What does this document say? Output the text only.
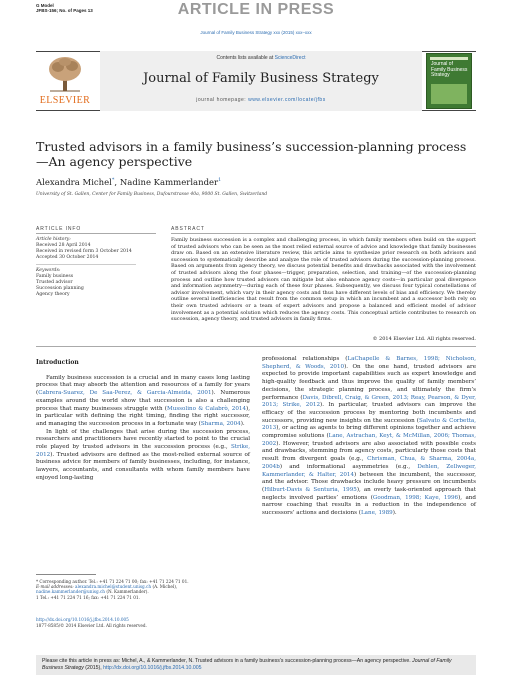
G Model
JFBS-156; No. of Pages 13	ARTICLE IN PRESS
Journal of Family Business Strategy xxx (2015) xxx–xxx
ELSEVIER
Contents lists available at ScienceDirect
Journal of Family Business Strategy
journal homepage: www.elsevier.com/locate/jfbs
Journal of Family Business Strategy
Trusted advisors in a family business’s succession-planning process—An agency perspective
Alexandra Michel*, Nadine Kammerlander$^1$
University of St. Gallen, Center for Family Business, Dufourstrasse 40a, 9000 St. Gallen, Switzerland
ARTICLE INFO	ABSTRACT

Article history:

Received 28 April 2014

Received in revised form 3 October 2014

Accepted 30 October 2014

Keywords:

Family business

Trusted advisor

Succession planning

Agency theory

Family business succession is a complex and challenging process, in which family members often build on the support of trusted advisors who can be seen as the most relied external source of advice and knowledge that family businesses draw on. Based on an extensive literature review, this article aims to synthesize prior research on both advisors and succession to systematically describe and analyze the role of trusted advisors during the succession-planning process. Based on arguments from agency theory, we discuss potential benefits and drawbacks associated with the involvement of trusted advisors along the four phases—trigger, preparation, selection, and training—of the succession-planning process and outline how trusted advisors can mitigate but also enhance agency costs—in particular goal divergence and information asymmetry—during each of these four phases. Subsequently, we discuss four typical constellations of advisor involvement, which vary in their agency costs and thus have different levels of bias and efficiency. We thereby outline several inefficiencies that result from the common setup in which an incumbent and a successor both rely on their own trusted advisors or a team of expert advisors and propose a balanced and efficient model of advisor involvement as a potential solution which reduces the agency costs. This conceptual article contributes to research on succession, agency theory, and trusted advisors in family firms.
© 2014 Elsevier Ltd. All rights reserved.
Introduction

Family business succession is a crucial and in many cases long lasting process that may absorb the attention and resources of a family for years (Cabrera-Suarez, De Saa-Perez, & Garcia-Almeida, 2001). Numerous examples around the world show that succession is also a challenging process that many businesses struggle with (Mussolino & Calabrò, 2014), in particular with defining the right timing, finding the right successor, and managing the succession process in a fortunate way (Sharma, 2004).

In light of the challenges that arise during the succession process, researchers and practitioners have recently started to point to the crucial role played by trusted advisors in the succession process (e.g., Strike, 2012). Trusted advisors are defined as the most-relied external source of business advice for members of family businesses, including, for instance, lawyers, accountants, and consultants with whom family members have enjoyed long-lasting

professional relationships (LaChapelle & Barnes, 1998; Nicholson, Shepherd, & Woods, 2010). On the one hand, trusted advisors are expected to provide important capabilities such as expert knowledge and high-quality feedback and thus improve the quality of family members’ decisions, the strategic planning process, and ultimately the firm’s performance (Davis, Dibrell, Craig, & Green, 2013; Reay, Pearson, & Dyer, 2013; Strike, 2012). In particular, trusted advisors can improve the efficacy of the succession process by mentoring both incumbents and successors, providing new insights on the succession (Salvato & Corbetta, 2013), or acting as agents to bring different opinions together and achieve compromise solutions (Lane, Astrachan, Keyt, & McMillan, 2006; Thomas, 2002). However, trusted advisors are also associated with possible costs and drawbacks, stemming from agency costs, particularly those costs that result from divergent goals (e.g., Chrisman, Chua, & Sharma, 2004a, 2004b) and informational asymmetries (e.g., Dehlen, Zellweger, Kammerlander, & Halter, 2014) between the incumbent, the successor, and the advisor. Those drawbacks include heavy pressure on incumbents (Hilburt-Davis & Senturia, 1995), an overly task-oriented approach that neglects involved parties’ emotions (Goodman, 1998; Kaye, 1996), and narrow coaching that results in a reduction in the independence of successors’ actions and decisions (Lane, 1989).

* Corresponding author. Tel.: +41 71 224 71 00; fax: +41 71 224 71 01.
E-mail addresses: alexandra.michel@student.unisg.ch (A. Michel),
nadine.kammerlander@unisg.ch (N. Kammerlander).
1 Tel.: +41 71 224 71 16; fax: +41 71 224 71 01.
http://dx.doi.org/10.1016/j.jfbs.2014.10.005
1877-8585/© 2014 Elsevier Ltd. All rights reserved.
Please cite this article in press as: Michel, A., & Kammerlander, N. Trusted advisors in a family business’s succession-planning process—An agency perspective. Journal of Family Business Strategy (2015), http://dx.doi.org/10.1016/j.jfbs.2014.10.005
